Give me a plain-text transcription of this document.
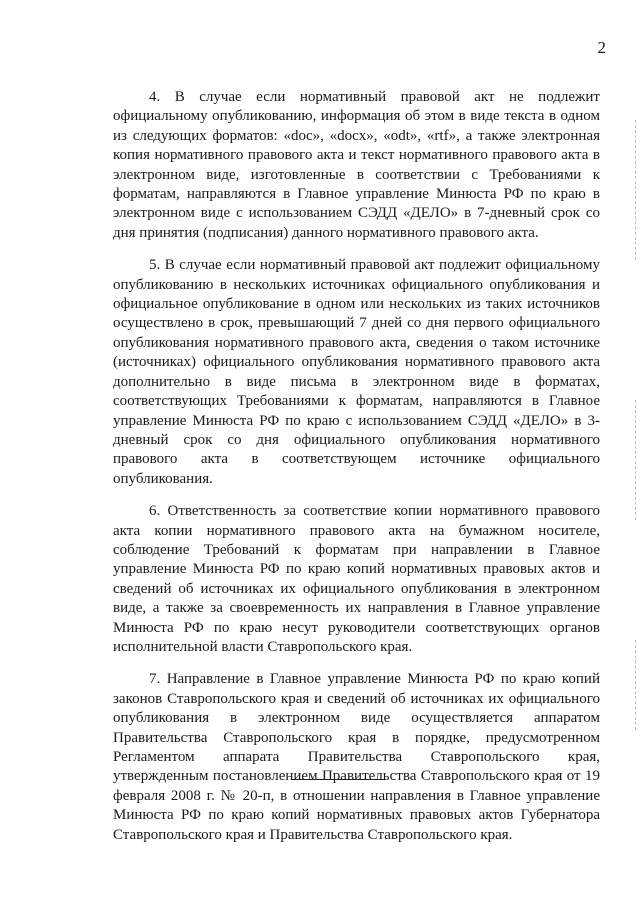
2

4. В случае если нормативный правовой акт не подлежит официальному опубликованию, информация об этом в виде текста в одном из следующих форматов: «doc», «docx», «odt», «rtf», а также электронная копия нормативного правового акта и текст нормативного правового акта в электронном виде, изготовленные в соответствии с Требованиями к форматам, направляются в Главное управление Минюста РФ по краю в электронном виде с использованием СЭДД «ДЕЛО» в 7-дневный срок со дня принятия (подписания) данного нормативного правового акта.

5. В случае если нормативный правовой акт подлежит официальному опубликованию в нескольких источниках официального опубликования и официальное опубликование в одном или нескольких из таких источников осуществлено в срок, превышающий 7 дней со дня первого официального опубликования нормативного правового акта, сведения о таком источнике (источниках) официального опубликования нормативного правового акта дополнительно в виде письма в электронном виде в форматах, соответствующих Требованиями к форматам, направляются в Главное управление Минюста РФ по краю с использованием СЭДД «ДЕЛО» в 3-дневный срок со дня официального опубликования нормативного правового акта в соответствующем источнике официального опубликования.

6. Ответственность за соответствие копии нормативного правового акта копии нормативного правового акта на бумажном носителе, соблюдение Требований к форматам при направлении в Главное управление Минюста РФ по краю копий нормативных правовых актов и сведений об источниках их официального опубликования в электронном виде, а также за своевременность их направления в Главное управление Минюста РФ по краю несут руководители соответствующих органов исполнительной власти Ставропольского края.

7. Направление в Главное управление Минюста РФ по краю копий законов Ставропольского края и сведений об источниках их официального опубликования в электронном виде осуществляется аппаратом Правительства Ставропольского края в порядке, предусмотренном Регламентом аппарата Правительства Ставропольского края, утвержденным постановлением Правительства Ставропольского края от 19 февраля 2008 г. № 20-п, в отношении направления в Главное управление Минюста РФ по краю копий нормативных правовых актов Губернатора Ставропольского края и Правительства Ставропольского края.
